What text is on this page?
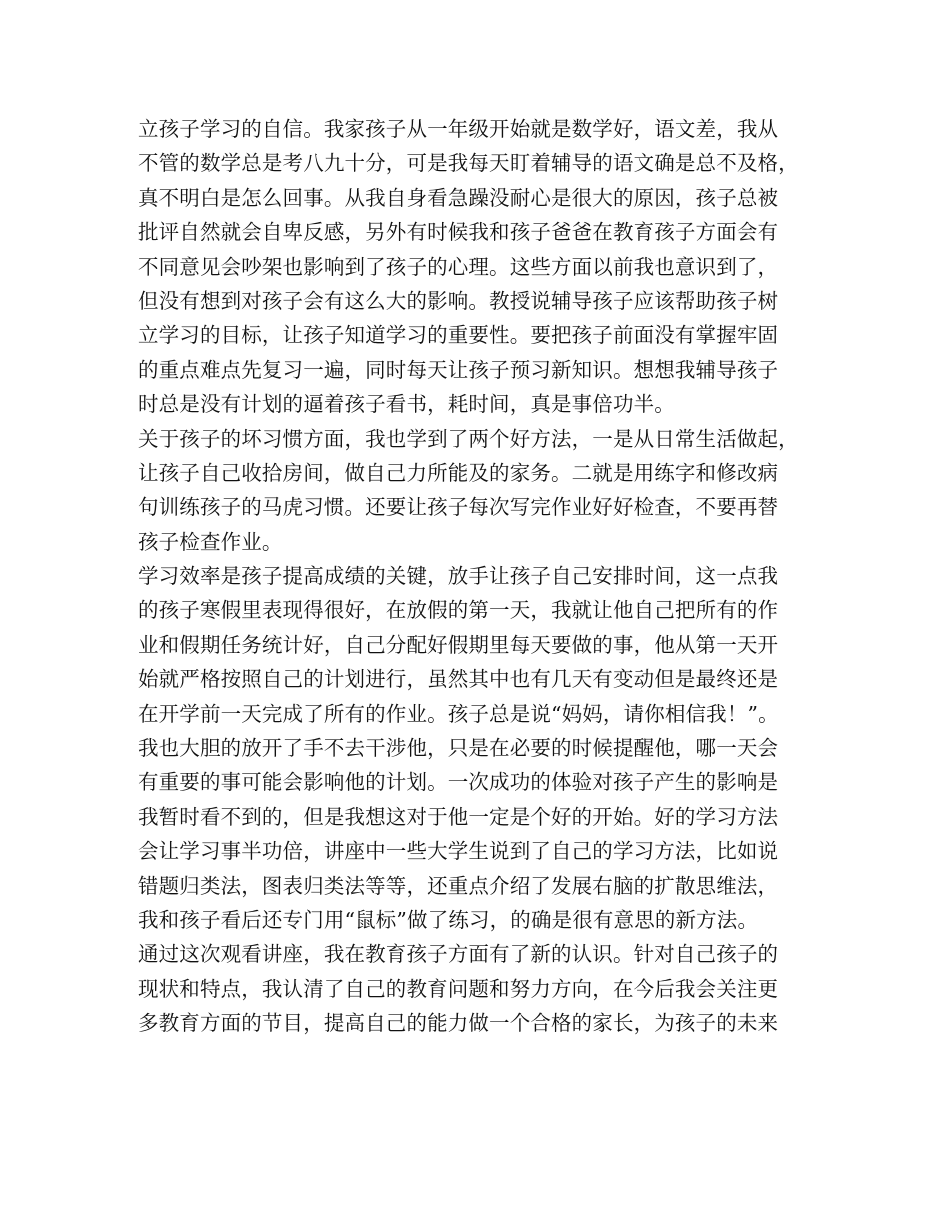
立孩子学习的自信。我家孩子从一年级开始就是数学好，语文差，我从
不管的数学总是考八九十分，可是我每天盯着辅导的语文确是总不及格，
真不明白是怎么回事。从我自身看急躁没耐心是很大的原因，孩子总被
批评自然就会自卑反感，另外有时候我和孩子爸爸在教育孩子方面会有
不同意见会吵架也影响到了孩子的心理。这些方面以前我也意识到了，
但没有想到对孩子会有这么大的影响。教授说辅导孩子应该帮助孩子树
立学习的目标，让孩子知道学习的重要性。要把孩子前面没有掌握牢固
的重点难点先复习一遍，同时每天让孩子预习新知识。想想我辅导孩子
时总是没有计划的逼着孩子看书，耗时间，真是事倍功半。
关于孩子的坏习惯方面，我也学到了两个好方法，一是从日常生活做起，
让孩子自己收拾房间，做自己力所能及的家务。二就是用练字和修改病
句训练孩子的马虎习惯。还要让孩子每次写完作业好好检查，不要再替
孩子检查作业。
学习效率是孩子提高成绩的关键，放手让孩子自己安排时间，这一点我
的孩子寒假里表现得很好，在放假的第一天，我就让他自己把所有的作
业和假期任务统计好，自己分配好假期里每天要做的事，他从第一天开
始就严格按照自己的计划进行，虽然其中也有几天有变动但是最终还是
在开学前一天完成了所有的作业。孩子总是说“妈妈，请你相信我！”。
我也大胆的放开了手不去干涉他，只是在必要的时候提醒他，哪一天会
有重要的事可能会影响他的计划。一次成功的体验对孩子产生的影响是
我暂时看不到的，但是我想这对于他一定是个好的开始。好的学习方法
会让学习事半功倍，讲座中一些大学生说到了自己的学习方法，比如说
错题归类法，图表归类法等等，还重点介绍了发展右脑的扩散思维法，
我和孩子看后还专门用“鼠标”做了练习，的确是很有意思的新方法。
通过这次观看讲座，我在教育孩子方面有了新的认识。针对自己孩子的
现状和特点，我认清了自己的教育问题和努力方向，在今后我会关注更
多教育方面的节目，提高自己的能力做一个合格的家长，为孩子的未来
